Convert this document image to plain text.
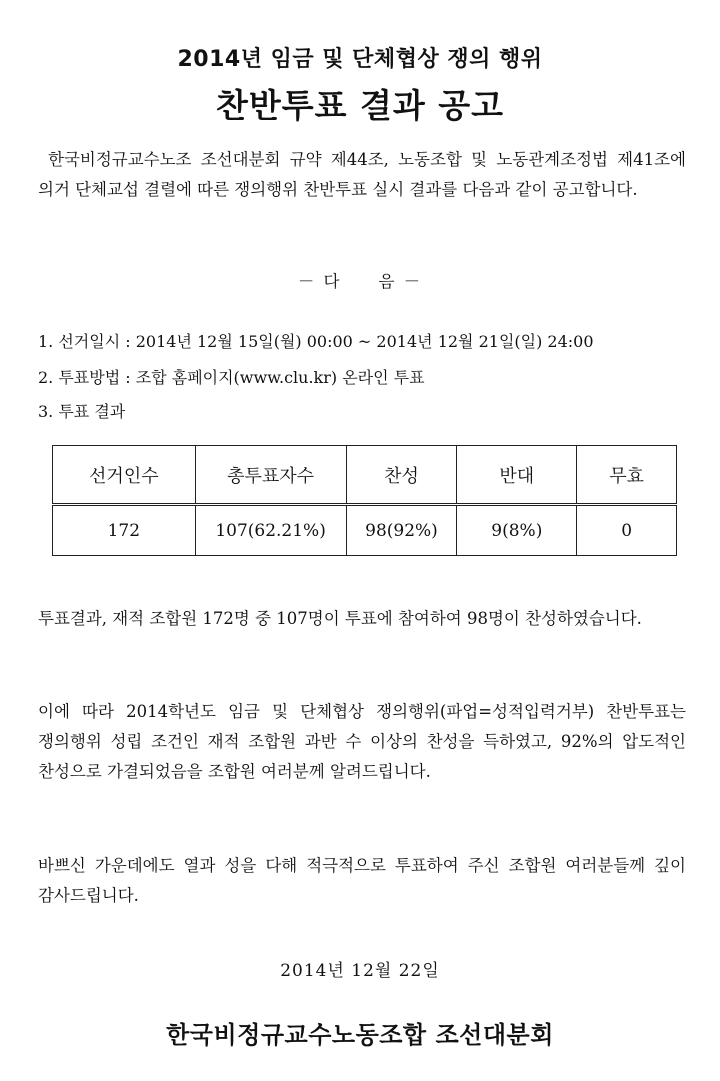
2014년 임금 및 단체협상 쟁의 행위
찬반투표 결과 공고
한국비정규교수노조 조선대분회 규약 제44조, 노동조합 및 노동관계조정법 제41조에 의거 단체교섭 결렬에 따른 쟁의행위 찬반투표 실시 결과를 다음과 같이 공고합니다.
－ 다　　음 －
1. 선거일시 : 2014년 12월 15일(월) 00:00 ~ 2014년 12월 21일(일) 24:00
2. 투표방법 : 조합 홈페이지(www.clu.kr) 온라인 투표
3. 투표 결과
선거인수	총투표자수	찬성	반대	무효
172	107(62.21%)	98(92%)	9(8%)	0
투표결과, 재적 조합원 172명 중 107명이 투표에 참여하여 98명이 찬성하였습니다.
이에 따라 2014학년도 임금 및 단체협상 쟁의행위(파업=성적입력거부) 찬반투표는 쟁의행위 성립 조건인 재적 조합원 과반 수 이상의 찬성을 득하였고, 92%의 압도적인 찬성으로 가결되었음을 조합원 여러분께 알려드립니다.
바쁘신 가운데에도 열과 성을 다해 적극적으로 투표하여 주신 조합원 여러분들께 깊이 감사드립니다.
2014년 12월 22일
한국비정규교수노동조합 조선대분회
